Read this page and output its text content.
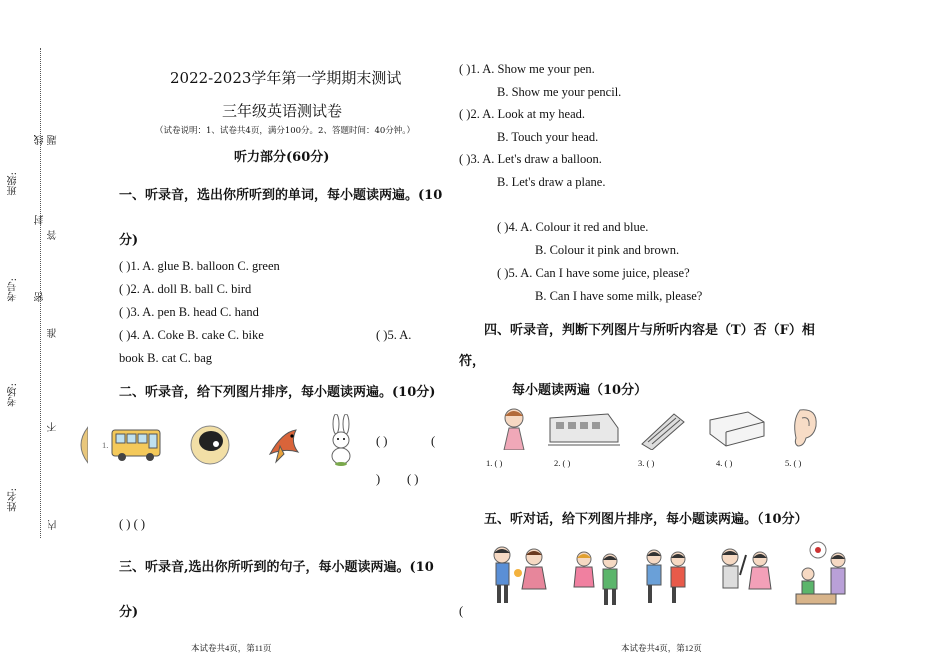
班级:
考号:
考场:
姓名:
线 题
封
答
密
准
不
内
2022-2023学年第一学期期末测试
三年级英语测试卷
（试卷说明：1、试卷共4页，满分100分。2、答题时间：40分钟。）
听力部分(60分)
一、听录音，选出你所听到的单词，每小题读两遍。(10
分)
( )1. A. glue B. balloon C. green
( )2. A. doll B. ball C. bird
( )3. A. pen B. head C. hand
( )4. A. Coke B. cake C. bike	( )5. A.
book B. cat C. bag
二、听录音，给下列图片排序，每小题读两遍。(10分)
1.	( )	(
) ( )
( ) ( )
三、听录音,选出你所听到的句子，每小题读两遍。(10
分)
本试卷共4页，第11页
( )1. A. Show me your pen.
B. Show me your pencil.
( )2. A. Look at my head.
B. Touch your head.
( )3. A. Let's draw a balloon.
B. Let's draw a plane.
( )4. A. Colour it red and blue.
B. Colour it pink and brown.
( )5. A. Can I have some juice, please?
B. Can I have some milk, please?
四、听录音，判断下列图片与所听内容是（T）否（F）相
符，
每小题读两遍（10分）
1. ( )	2. ( )	3. ( )	4. ( )	5. ( )
五、听对话，给下列图片排序，每小题读两遍。（10分）
(
本试卷共4页，第12页
